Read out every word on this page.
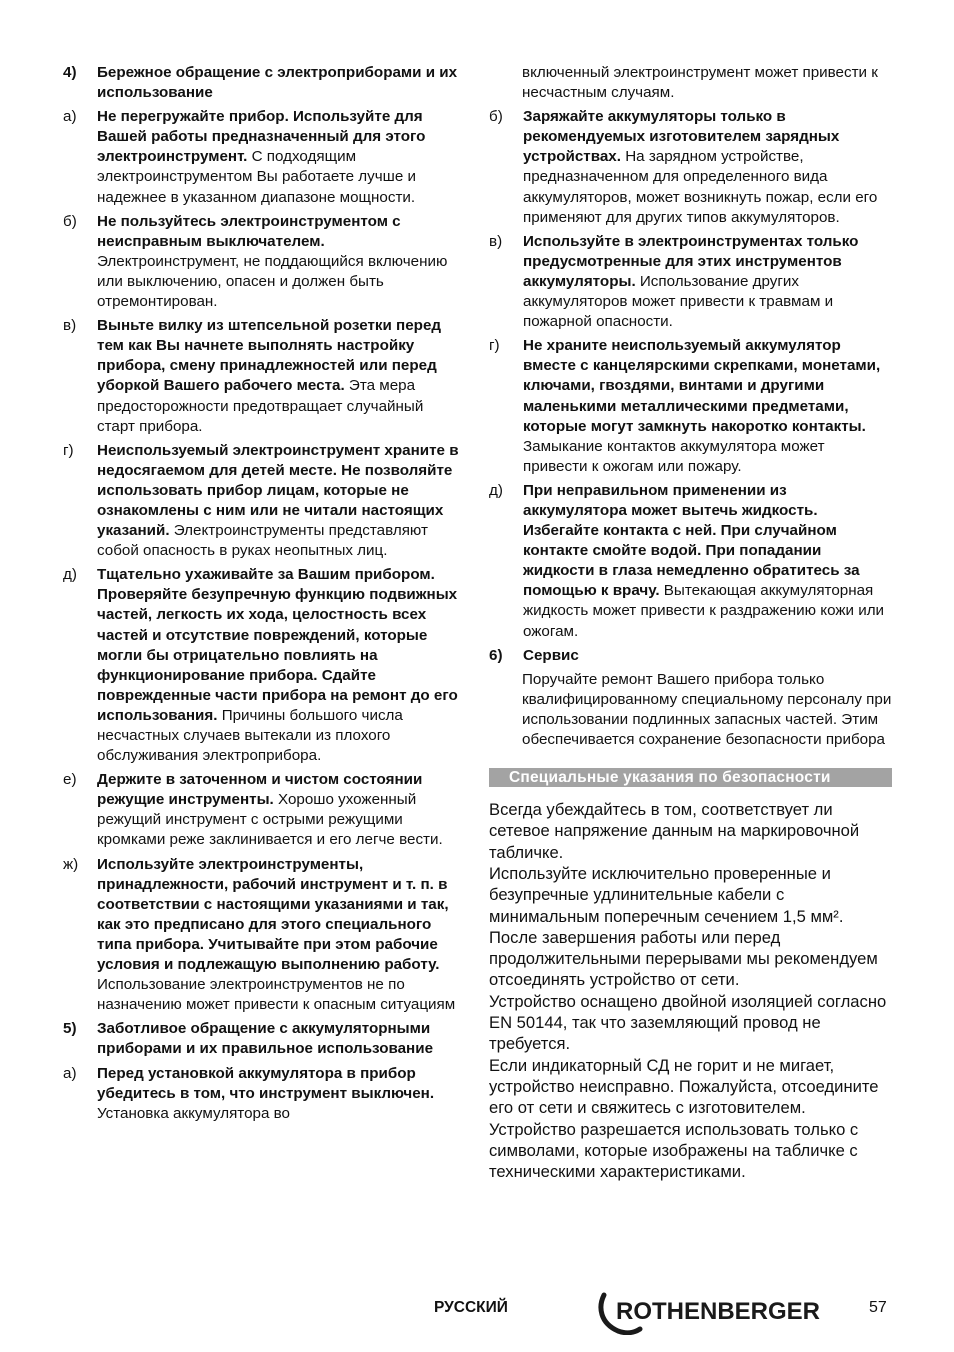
4)	Бережное обращение с электроприборами и их использование
а)	Не перегружайте прибор. Используйте для Вашей работы предназначенный для этого электроинструмент. С подходящим электроинструментом Вы работаете лучше и надежнее в указанном диапазоне мощности.
б)	Не пользуйтесь электроинструментом с неисправным выключателем. Электроинструмент, не поддающийся включению или выключению, опасен и должен быть отремонтирован.
в)	Выньте вилку из штепсельной розетки перед тем как Вы начнете выполнять настройку прибора, смену принадлежностей или перед уборкой Вашего рабочего места. Эта мера предосторожности предотвращает случайный старт прибора.
г)	Неиспользуемый электроинструмент храните в недосягаемом для детей месте. Не позволяйте использовать прибор лицам, которые не ознакомлены с ним или не читали настоящих указаний. Электроинструменты представляют собой опасность в руках неопытных лиц.
д)	Тщательно ухаживайте за Вашим прибором. Проверяйте безупречную функцию подвижных частей, легкость их хода, целостность всех частей и отсутствие повреждений, которые могли бы отрицательно повлиять на функционирование прибора. Сдайте поврежденные части прибора на ремонт до его использования. Причины большого числа несчастных случаев вытекали из плохого обслуживания электроприбора.
е)	Держите в заточенном и чистом состоянии режущие инструменты. Хорошо ухоженный режущий инструмент с острыми режущими кромками реже заклинивается и его легче вести.
ж)	Используйте электроинструменты, принадлежности, рабочий инструмент и т. п. в соответствии с настоящими указаниями и так, как это предписано для этого специального типа прибора. Учитывайте при этом рабочие условия и подлежащую выполнению работу. Использование электроинструментов не по назначению может привести к опасным ситуациям
5)	Заботливое обращение с аккумуляторными приборами и их правильное использование
а)	Перед установкой аккумулятора в прибор убедитесь в том, что инструмент выключен. Установка аккумулятора во
включенный электроинструмент может привести к несчастным случаям.
б)	Заряжайте аккумуляторы только в рекомендуемых изготовителем зарядных устройствах. На зарядном устройстве, предназначенном для определенного вида аккумуляторов, может возникнуть пожар, если его применяют для других типов аккумуляторов.
в)	Используйте в электроинструментах только предусмотренные для этих инструментов аккумуляторы. Использование других аккумуляторов может привести к травмам и пожарной опасности.
г)	Не храните неиспользуемый аккумулятор вместе с канцелярскими скрепками, монетами, ключами, гвоздями, винтами и другими маленькими металлическими предметами, которые могут замкнуть накоротко контакты. Замыкание контактов аккумулятора может привести к ожогам или пожару.
д)	При неправильном применении из аккумулятора может вытечь жидкость. Избегайте контакта с ней. При случайном контакте смойте водой. При попадании жидкости в глаза немедленно обратитесь за помощью к врачу. Вытекающая аккумуляторная жидкость может привести к раздражению кожи или ожогам.
6)	Сервис
Поручайте ремонт Вашего прибора только квалифицированному специальному персоналу при использовании подлинных запасных частей. Этим обеспечивается сохранение безопасности прибора
Специальные указания по безопасности
Всегда убеждайтесь в том, соответствует ли сетевое напряжение данным на маркировочной табличке.
Используйте исключительно проверенные и безупречные удлинительные кабели с минимальным поперечным сечением 1,5 мм².
После завершения работы или перед продолжительными перерывами мы рекомендуем отсоединять устройство от сети.
Устройство оснащено двойной изоляцией согласно EN 50144, так что заземляющий провод не требуется.
Если индикаторный СД не горит и не мигает, устройство неисправно. Пожалуйста, отсоедините его от сети и свяжитесь с изготовителем.
Устройство разрешается использовать только с символами, которые изображены на табличке с техническими характеристиками.
РУССКИЙ	ROTHENBERGER	57
